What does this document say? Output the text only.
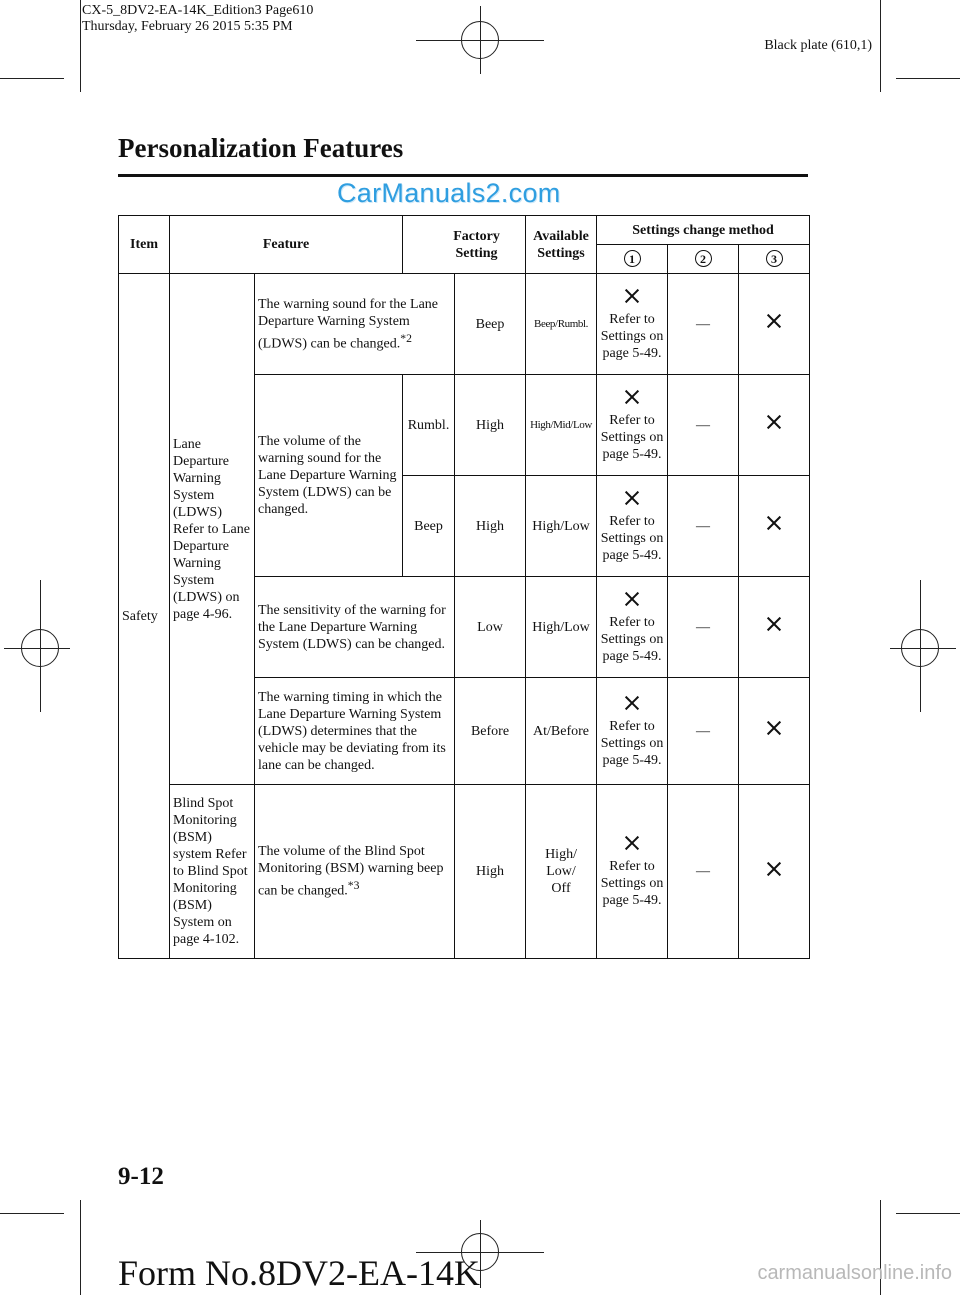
CX-5_8DV2-EA-14K_Edition3 Page610
Thursday, February 26 2015 5:35 PM
Black plate (610,1)
Personalization Features
CarManuals2.com
Item	Feature		Factory Setting		Available Settings	Settings change method		
						1	2	3
Safety	Lane Departure Warning System (LDWS) Refer to Lane Departure Warning System (LDWS) on page 4-96.	The warning sound for the Lane Departure Warning System (LDWS) can be changed.$^{*2}$		Beep	Beep/Rumbl.	Refer to Settings on page 5-49.	—	
		The volume of the warning sound for the Lane Departure Warning System (LDWS) can be changed.	Rumbl.	High	High/Mid/Low	Refer to Settings on page 5-49.	—	
			Beep	High	High/Low	Refer to Settings on page 5-49.	—	
		The sensitivity of the warning for the Lane Departure Warning System (LDWS) can be changed.		Low	High/Low	Refer to Settings on page 5-49.	—	
		The warning timing in which the Lane Departure Warning System (LDWS) determines that the vehicle may be deviating from its lane can be changed.		Before	At/Before	Refer to Settings on page 5-49.	—	
	Blind Spot Monitoring (BSM) system Refer to Blind Spot Monitoring (BSM) System on page 4-102.	The volume of the Blind Spot Monitoring (BSM) warning beep can be changed.$^{*3}$		High	High/ Low/ Off	Refer to Settings on page 5-49.	—	
9-12
Form No.8DV2-EA-14K	carmanualsonline.info
